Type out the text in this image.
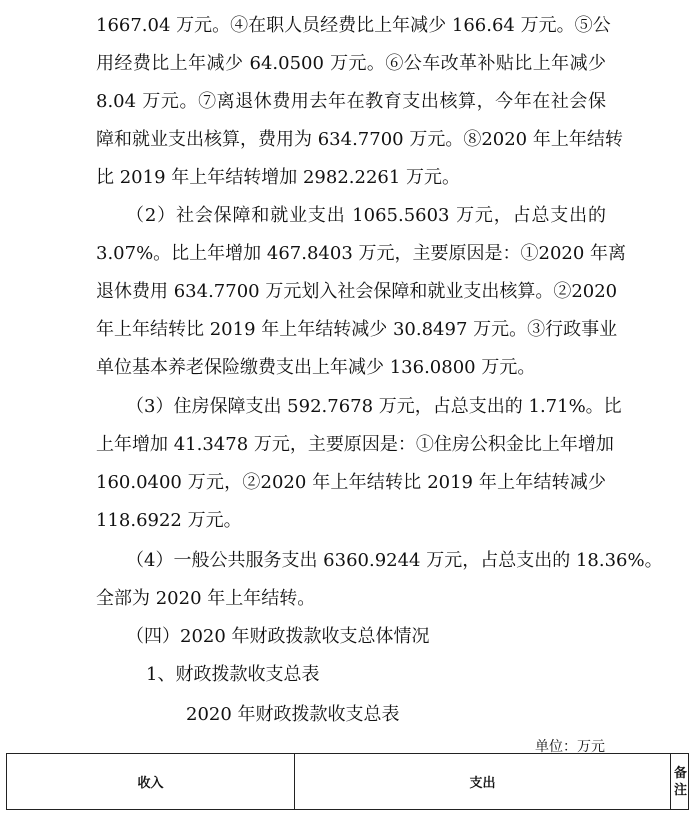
1667.04 万元。④在职人员经费比上年减少 166.64 万元。⑤公
用经费比上年减少 64.0500 万元。⑥公车改革补贴比上年减少
8.04 万元。⑦离退休费用去年在教育支出核算，今年在社会保
障和就业支出核算，费用为 634.7700 万元。⑧2020 年上年结转
比 2019 年上年结转增加 2982.2261 万元。
（2）社会保障和就业支出 1065.5603 万元，占总支出的
3.07%。比上年增加 467.8403 万元，主要原因是：①2020 年离
退休费用 634.7700 万元划入社会保障和就业支出核算。②2020
年上年结转比 2019 年上年结转减少 30.8497 万元。③行政事业
单位基本养老保险缴费支出上年减少 136.0800 万元。
（3）住房保障支出 592.7678 万元，占总支出的 1.71%。比
上年增加 41.3478 万元，主要原因是：①住房公积金比上年增加
160.0400 万元，②2020 年上年结转比 2019 年上年结转减少
118.6922 万元。
（4）一般公共服务支出 6360.9244 万元，占总支出的 18.36%。
全部为 2020 年上年结转。
（四）2020 年财政拨款收支总体情况
1、财政拨款收支总表
2020 年财政拨款收支总表
单位：万元
收入	支出
备
注
